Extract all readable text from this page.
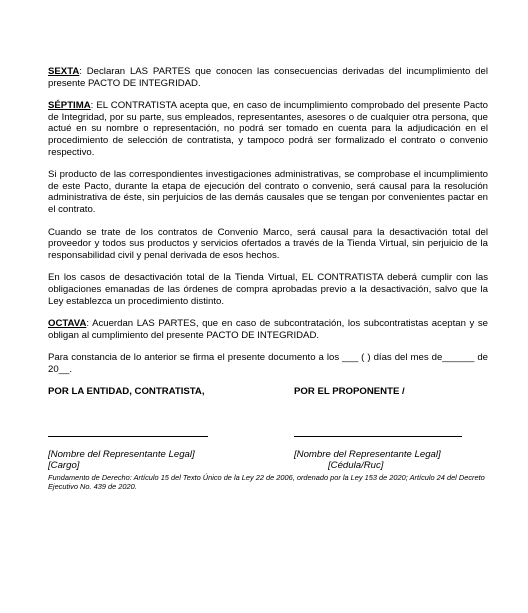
SEXTA: Declaran LAS PARTES que conocen las consecuencias derivadas del incumplimiento del presente PACTO DE INTEGRIDAD.

SÉPTIMA: EL CONTRATISTA acepta que, en caso de incumplimiento comprobado del presente Pacto de Integridad, por su parte, sus empleados, representantes, asesores o de cualquier otra persona, que actué en su nombre o representación, no podrá ser tomado en cuenta para la adjudicación en el procedimiento de selección de contratista, y tampoco podrá ser formalizado el contrato o convenio respectivo.

Si producto de las correspondientes investigaciones administrativas, se comprobase el incumplimiento de este Pacto, durante la etapa de ejecución del contrato o convenio, será causal para la resolución administrativa de éste, sin perjuicios de las demás causales que se tengan por convenientes pactar en el contrato.

Cuando se trate de los contratos de Convenio Marco, será causal para la desactivación total del proveedor y todos sus productos y servicios ofertados a través de la Tienda Virtual, sin perjuicio de la responsabilidad civil y penal derivada de esos hechos.

En los casos de desactivación total de la Tienda Virtual, EL CONTRATISTA deberá cumplir con las obligaciones emanadas de las órdenes de compra aprobadas previo a la desactivación, salvo que la Ley establezca un procedimiento distinto.

OCTAVA: Acuerdan LAS PARTES, que en caso de subcontratación, los subcontratistas aceptan y se obligan al cumplimiento del presente PACTO DE INTEGRIDAD.

Para constancia de lo anterior se firma el presente documento a los ___ ( ) días del mes de______ de 20__.

POR LA ENTIDAD, CONTRATISTA,	POR EL PROPONENTE /
[Nombre del Representante Legal]	[Nombre del Representante Legal]
[Cargo]	[Cédula/Ruc]
Fundamento de Derecho: Artículo 15 del Texto Único de la Ley 22 de 2006, ordenado por la Ley 153 de 2020; Artículo 24 del Decreto Ejecutivo No. 439 de 2020.
